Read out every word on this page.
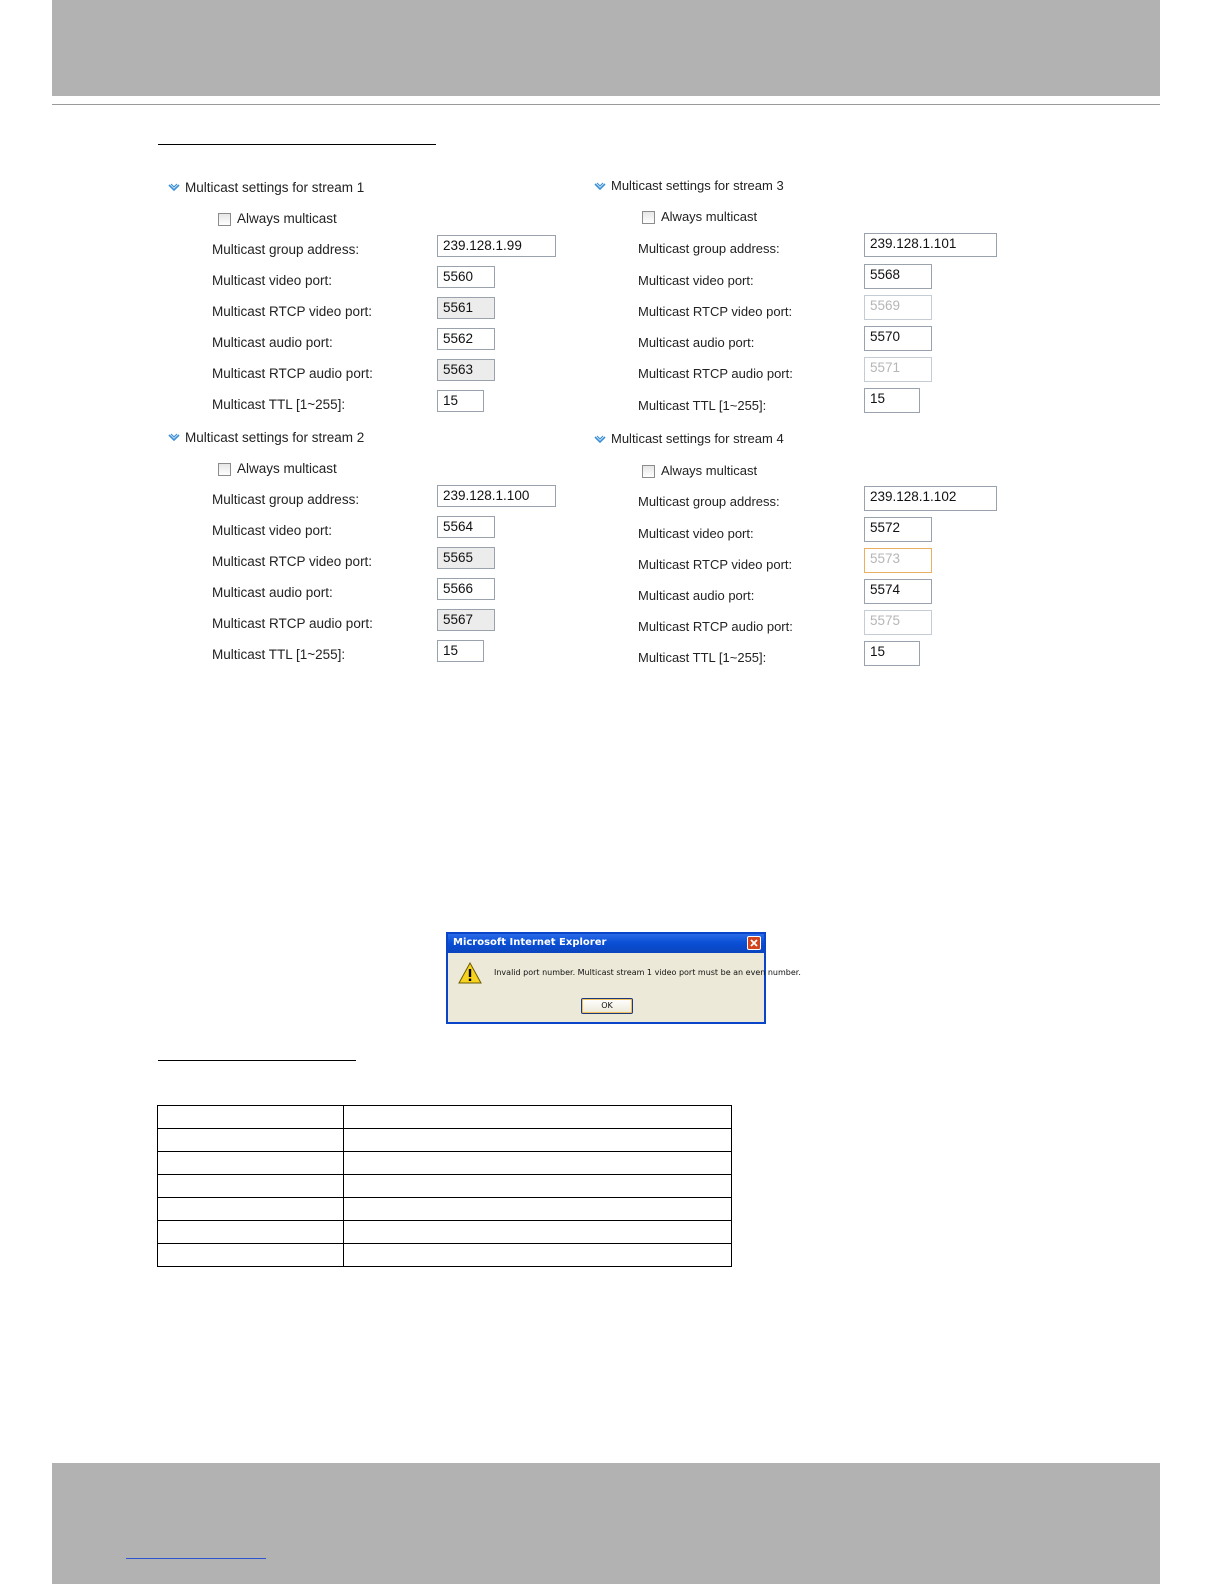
Multicast settings for stream 1
Always multicast
Multicast group address:	239.128.1.99
Multicast video port:	5560
Multicast RTCP video port:	5561
Multicast audio port:	5562
Multicast RTCP audio port:	5563
Multicast TTL [1~255]:	15
Multicast settings for stream 2
Always multicast
Multicast group address:	239.128.1.100
Multicast video port:	5564
Multicast RTCP video port:	5565
Multicast audio port:	5566
Multicast RTCP audio port:	5567
Multicast TTL [1~255]:	15
Multicast settings for stream 3
Always multicast
Multicast group address:	239.128.1.101
Multicast video port:	5568
Multicast RTCP video port:	5569
Multicast audio port:	5570
Multicast RTCP audio port:	5571
Multicast TTL [1~255]:	15
Multicast settings for stream 4
Always multicast
Multicast group address:	239.128.1.102
Multicast video port:	5572
Multicast RTCP video port:	5573
Multicast audio port:	5574
Multicast RTCP audio port:	5575
Multicast TTL [1~255]:	15
Microsoft Internet Explorer
Invalid port number. Multicast stream 1 video port must be an even number.
OK
